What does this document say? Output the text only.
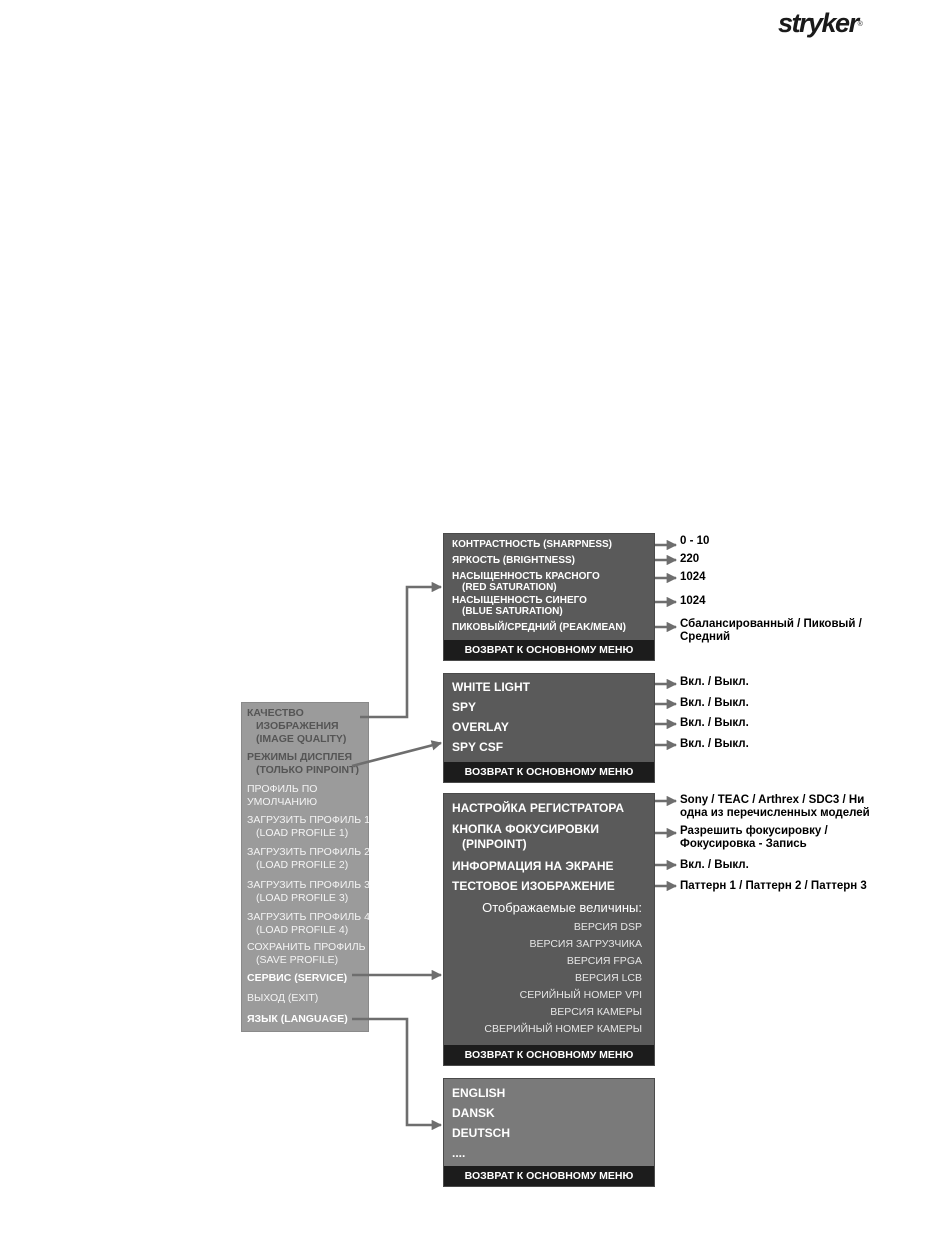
stryker®
КАЧЕСТВО
ИЗОБРАЖЕНИЯ
(IMAGE QUALITY)
РЕЖИМЫ ДИСПЛЕЯ
(ТОЛЬКО PINPOINT)
ПРОФИЛЬ ПО
УМОЛЧАНИЮ
ЗАГРУЗИТЬ ПРОФИЛЬ 1
(LOAD PROFILE 1)
ЗАГРУЗИТЬ ПРОФИЛЬ 2
(LOAD PROFILE 2)
ЗАГРУЗИТЬ ПРОФИЛЬ 3
(LOAD PROFILE 3)
ЗАГРУЗИТЬ ПРОФИЛЬ 4
(LOAD PROFILE 4)
СОХРАНИТЬ ПРОФИЛЬ
(SAVE PROFILE)
СЕРВИС (SERVICE)
ВЫХОД (EXIT)
ЯЗЫК (LANGUAGE)
КОНТРАСТНОСТЬ (SHARPNESS)
ЯРКОСТЬ (BRIGHTNESS)
НАСЫЩЕННОСТЬ КРАСНОГО
(RED SATURATION)
НАСЫЩЕННОСТЬ СИНЕГО
(BLUE SATURATION)
ПИКОВЫЙ/СРЕДНИЙ (PEAK/MEAN)
ВОЗВРАТ К ОСНОВНОМУ МЕНЮ
WHITE LIGHT
SPY
OVERLAY
SPY CSF
ВОЗВРАТ К ОСНОВНОМУ МЕНЮ
НАСТРОЙКА РЕГИСТРАТОРА
КНОПКА ФОКУСИРОВКИ
(PINPOINT)
ИНФОРМАЦИЯ НА ЭКРАНЕ
ТЕСТОВОЕ ИЗОБРАЖЕНИЕ
Отображаемые величины:
ВЕРСИЯ DSP
ВЕРСИЯ ЗАГРУЗЧИКА
ВЕРСИЯ FPGA
ВЕРСИЯ LCB
СЕРИЙНЫЙ НОМЕР VPI
ВЕРСИЯ КАМЕРЫ
СВЕРИЙНЫЙ НОМЕР КАМЕРЫ
ВОЗВРАТ К ОСНОВНОМУ МЕНЮ
ENGLISH
DANSK
DEUTSCH
....
ВОЗВРАТ К ОСНОВНОМУ МЕНЮ
0 - 10
220
1024
1024
Сбалансированный / Пиковый /
Средний
Вкл. / Выкл.
Вкл. / Выкл.
Вкл. / Выкл.
Вкл. / Выкл.
Sony / TEAC / Arthrex / SDC3 / Ни
одна из перечисленных моделей
Разрешить фокусировку /
Фокусировка - Запись
Вкл. / Выкл.
Паттерн 1 / Паттерн 2 / Паттерн 3
